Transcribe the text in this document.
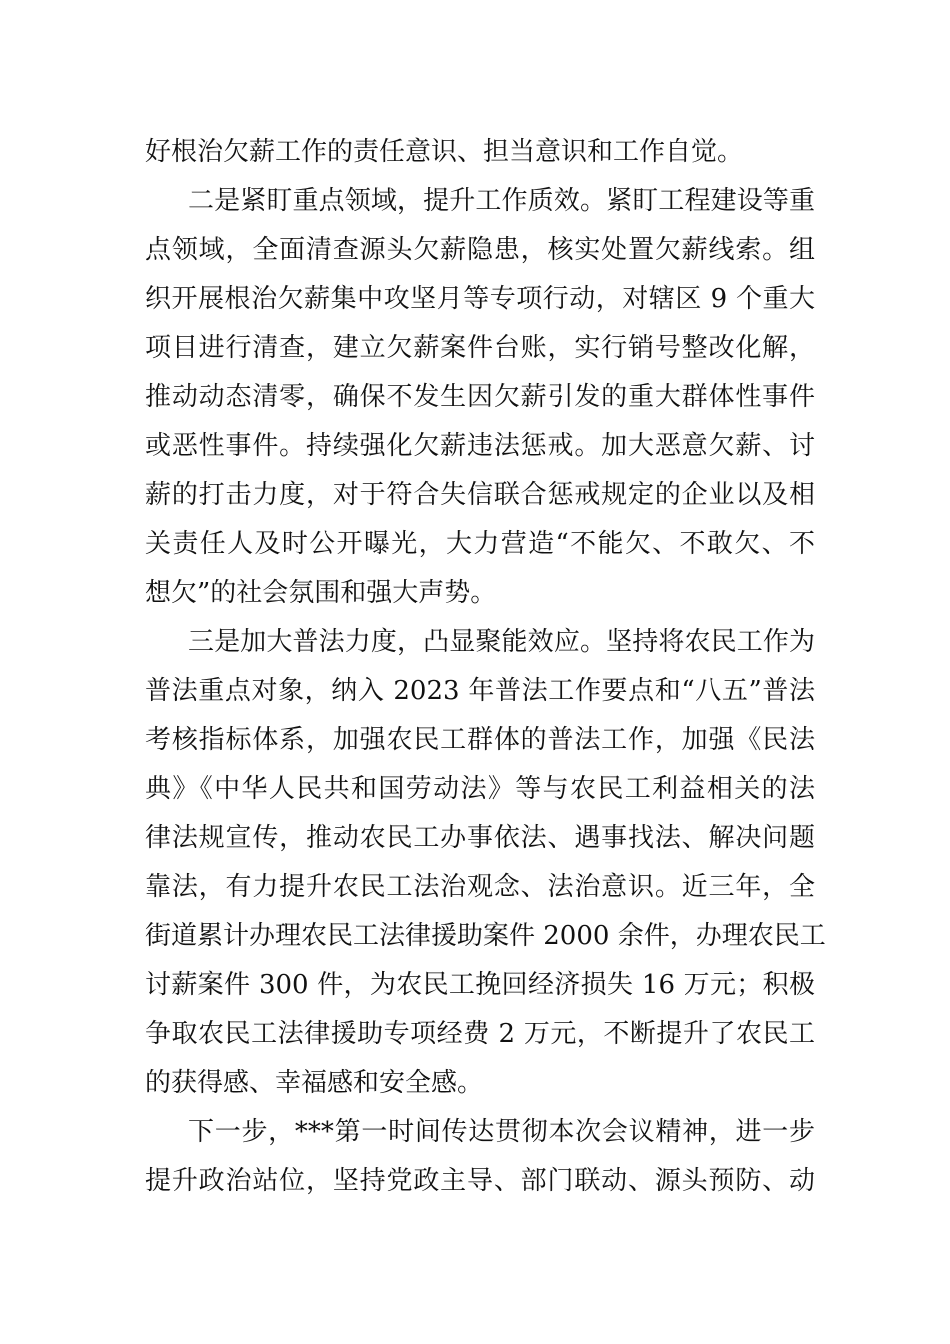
好根治欠薪工作的责任意识、担当意识和工作自觉。
二是紧盯重点领域，提升工作质效。紧盯工程建设等重
点领域，全面清查源头欠薪隐患，核实处置欠薪线索。组
织开展根治欠薪集中攻坚月等专项行动，对辖区 9 个重大
项目进行清查，建立欠薪案件台账，实行销号整改化解，
推动动态清零，确保不发生因欠薪引发的重大群体性事件
或恶性事件。持续强化欠薪违法惩戒。加大恶意欠薪、讨
薪的打击力度，对于符合失信联合惩戒规定的企业以及相
关责任人及时公开曝光，大力营造“不能欠、不敢欠、不
想欠”的社会氛围和强大声势。
三是加大普法力度，凸显聚能效应。坚持将农民工作为
普法重点对象，纳入 2023 年普法工作要点和“八五”普法
考核指标体系，加强农民工群体的普法工作，加强《民法
典》《中华人民共和国劳动法》等与农民工利益相关的法
律法规宣传，推动农民工办事依法、遇事找法、解决问题
靠法，有力提升农民工法治观念、法治意识。近三年，全
街道累计办理农民工法律援助案件 2000 余件，办理农民工
讨薪案件 300 件，为农民工挽回经济损失 16 万元；积极
争取农民工法律援助专项经费 2 万元，不断提升了农民工
的获得感、幸福感和安全感。
下一步，***第一时间传达贯彻本次会议精神，进一步
提升政治站位，坚持党政主导、部门联动、源头预防、动
